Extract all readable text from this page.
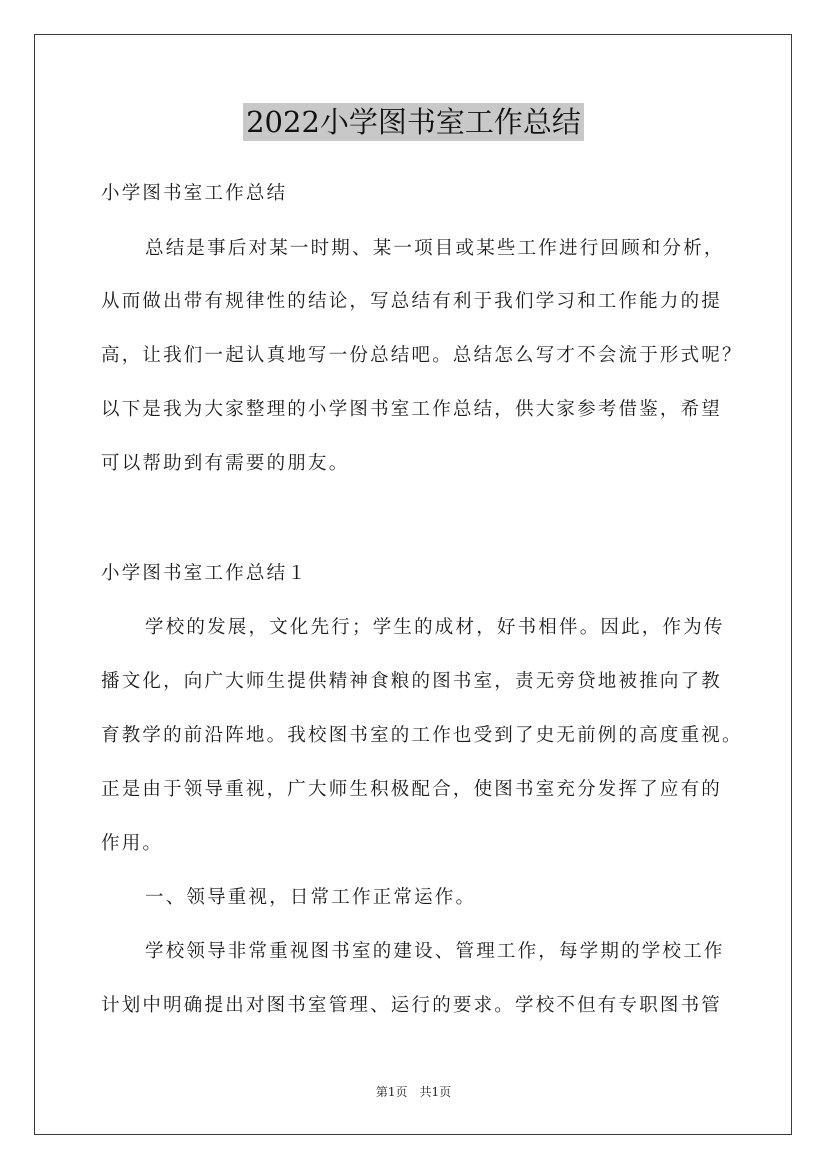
2022小学图书室工作总结
小学图书室工作总结
总结是事后对某一时期、某一项目或某些工作进行回顾和分析，
从而做出带有规律性的结论，写总结有利于我们学习和工作能力的提
高，让我们一起认真地写一份总结吧。总结怎么写才不会流于形式呢？
以下是我为大家整理的小学图书室工作总结，供大家参考借鉴，希望
可以帮助到有需要的朋友。
小学图书室工作总结１
学校的发展，文化先行；学生的成材，好书相伴。因此，作为传
播文化，向广大师生提供精神食粮的图书室，责无旁贷地被推向了教
育教学的前沿阵地。我校图书室的工作也受到了史无前例的高度重视。
正是由于领导重视，广大师生积极配合，使图书室充分发挥了应有的
作用。
一、领导重视，日常工作正常运作。
学校领导非常重视图书室的建设、管理工作，每学期的学校工作
计划中明确提出对图书室管理、运行的要求。学校不但有专职图书管
第1页　共1页
